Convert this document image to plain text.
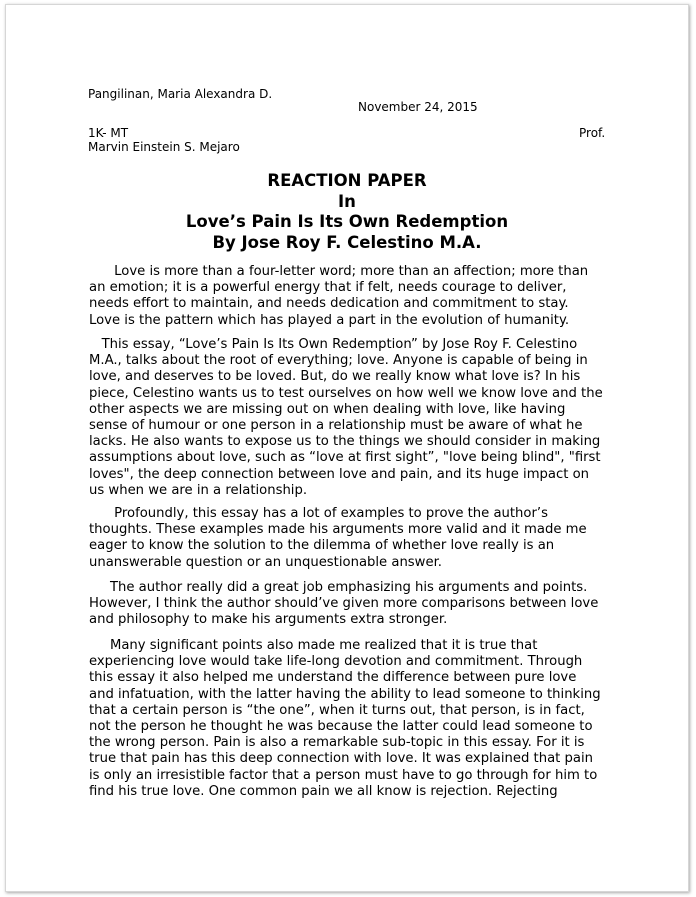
Pangilinan, Maria Alexandra D.
November 24, 2015
1K- MT	Prof.
Marvin Einstein S. Mejaro
REACTION PAPER
In
Love’s Pain Is Its Own Redemption
By Jose Roy F. Celestino M.A.
Love is more than a four-letter word; more than an affection; more than
an emotion; it is a powerful energy that if felt, needs courage to deliver,
needs effort to maintain, and needs dedication and commitment to stay.
Love is the pattern which has played a part in the evolution of humanity.
This essay, “Love’s Pain Is Its Own Redemption” by Jose Roy F. Celestino
M.A., talks about the root of everything; love. Anyone is capable of being in
love, and deserves to be loved. But, do we really know what love is? In his
piece, Celestino wants us to test ourselves on how well we know love and the
other aspects we are missing out on when dealing with love, like having
sense of humour or one person in a relationship must be aware of what he
lacks. He also wants to expose us to the things we should consider in making
assumptions about love, such as “love at first sight”, "love being blind", "first
loves", the deep connection between love and pain, and its huge impact on
us when we are in a relationship.
Profoundly, this essay has a lot of examples to prove the author’s
thoughts. These examples made his arguments more valid and it made me
eager to know the solution to the dilemma of whether love really is an
unanswerable question or an unquestionable answer.
The author really did a great job emphasizing his arguments and points.
However, I think the author should’ve given more comparisons between love
and philosophy to make his arguments extra stronger.
Many significant points also made me realized that it is true that
experiencing love would take life-long devotion and commitment. Through
this essay it also helped me understand the difference between pure love
and infatuation, with the latter having the ability to lead someone to thinking
that a certain person is “the one”, when it turns out, that person, is in fact,
not the person he thought he was because the latter could lead someone to
the wrong person. Pain is also a remarkable sub-topic in this essay. For it is
true that pain has this deep connection with love. It was explained that pain
is only an irresistible factor that a person must have to go through for him to
find his true love. One common pain we all know is rejection. Rejecting
